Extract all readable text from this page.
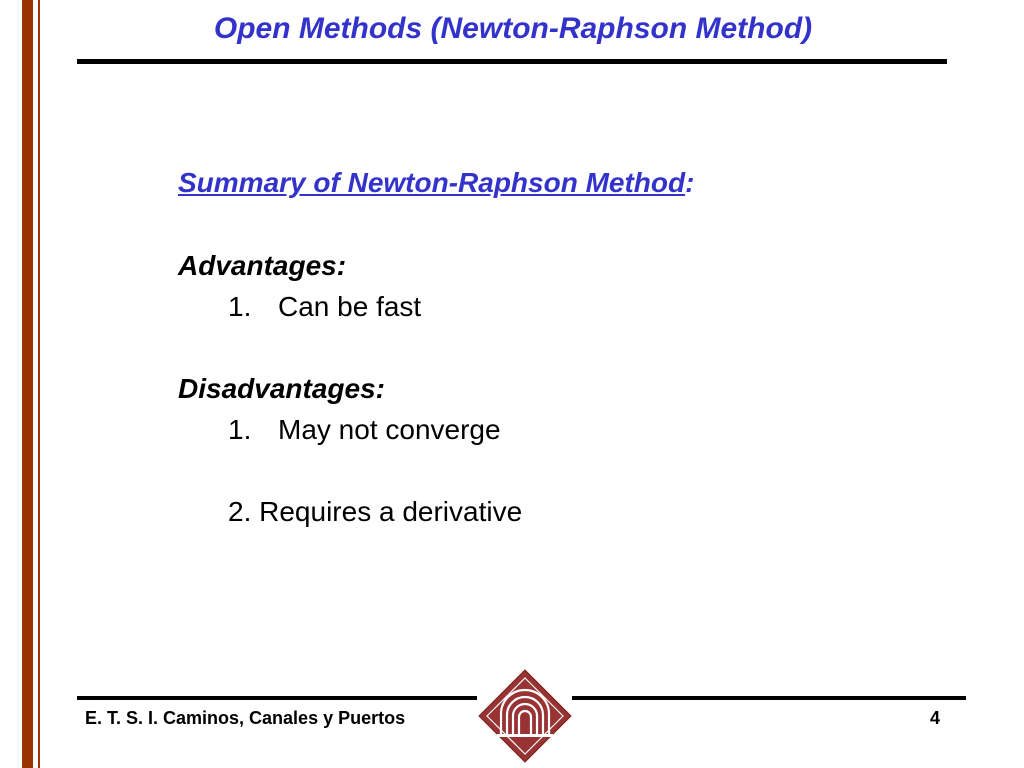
Open Methods (Newton-Raphson Method)
Summary of Newton-Raphson Method:
Advantages:
1. Can be fast
Disadvantages:
1. May not converge
2. Requires a derivative
E. T. S. I. Caminos, Canales y Puertos	4
